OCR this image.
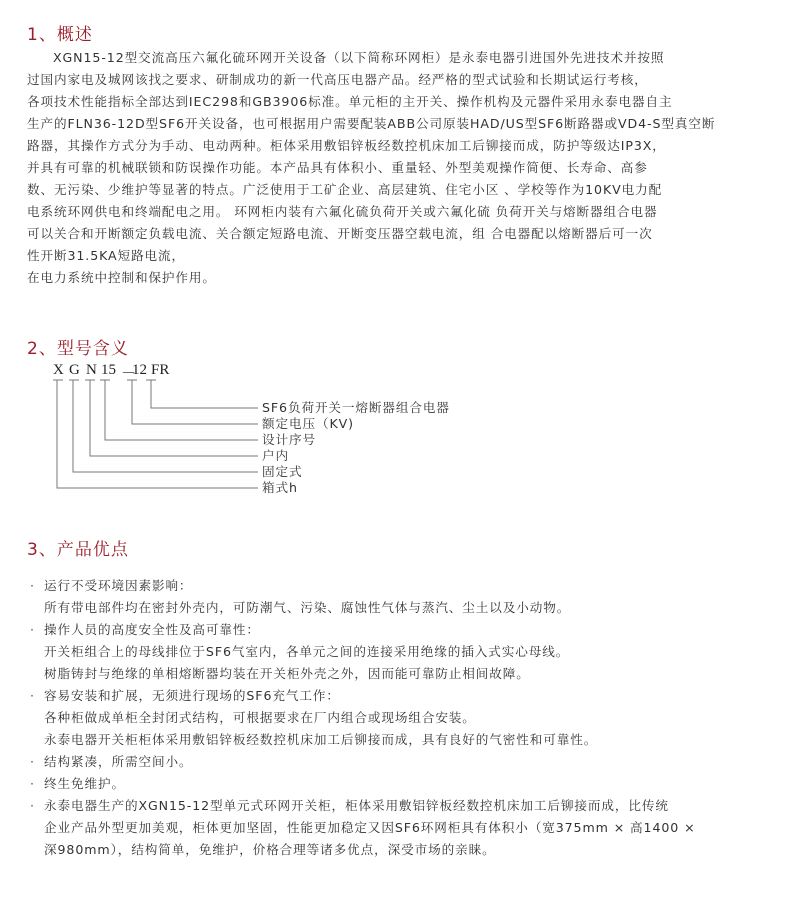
1、概述
XGN15-12型交流高压六氟化硫环网开关设备（以下简称环网柜）是永泰电器引进国外先进技术并按照
过国内家电及城网该找之要求、研制成功的新一代高压电器产品。经严格的型式试验和长期试运行考核，
各项技术性能指标全部达到IEC298和GB3906标准。单元柜的主开关、操作机构及元器件采用永泰电器自主
生产的FLN36-12D型SF6开关设备，也可根据用户需要配装ABB公司原装HAD/US型SF6断路器或VD4-S型真空断
路器，其操作方式分为手动、电动两种。柜体采用敷铝锌板经数控机床加工后铆接而成，防护等级达IP3X，
并具有可靠的机械联锁和防误操作功能。本产品具有体积小、重量轻、外型美观操作简便、长寿命、高参
数、无污染、少维护等显著的特点。广泛使用于工矿企业、高层建筑、住宅小区 、学校等作为10KV电力配
电系统环网供电和终端配电之用。 环网柜内装有六氟化硫负荷开关或六氟化硫 负荷开关与熔断器组合电器
可以关合和开断额定负载电流、关合额定短路电流、开断变压器空载电流，组 合电器配以熔断器后可一次
性开断31.5KA短路电流，
在电力系统中控制和保护作用。
2、型号含义
X G N 15 －
12 FR
SF6负荷开关一熔断器组合电器
额定电压（KV)
设计序号
户内
固定式
箱式h
3、产品优点
· 运行不受环境因素影响：
所有带电部件均在密封外壳内，可防潮气、污染、腐蚀性气体与蒸汽、尘土以及小动物。
· 操作人员的高度安全性及高可靠性：
开关柜组合上的母线排位于SF6气室内，各单元之间的连接采用绝缘的插入式实心母线。
树脂铸封与绝缘的单相熔断器均装在开关柜外壳之外，因而能可靠防止相间故障。
· 容易安装和扩展，无须进行现场的SF6充气工作：
各种柜做成单柜全封闭式结构，可根据要求在厂内组合或现场组合安装。
永泰电器开关柜柜体采用敷铝锌板经数控机床加工后铆接而成，具有良好的气密性和可靠性。
· 结构紧凑，所需空间小。
· 终生免维护。
· 永泰电器生产的XGN15-12型单元式环网开关柜，柜体采用敷铝锌板经数控机床加工后铆接而成，比传统
企业产品外型更加美观，柜体更加坚固，性能更加稳定又因SF6环网柜具有体积小（宽375mm × 高1400 ×
深980mm），结构简单，免维护，价格合理等诸多优点，深受市场的亲睐。
